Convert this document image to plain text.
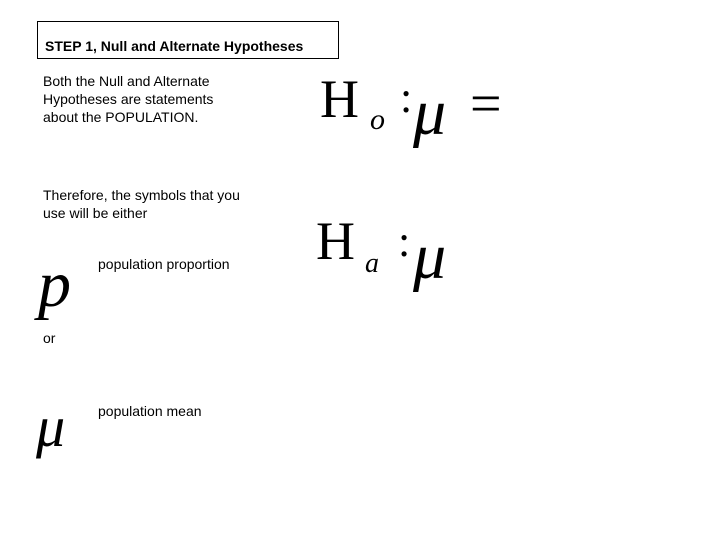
STEP 1, Null and Alternate Hypotheses
Both the Null and Alternate
Hypotheses are statements
about the POPULATION.
Therefore, the symbols that you
use will be either
p population proportion
or
μ population mean
H o : μ =
H a : μ
